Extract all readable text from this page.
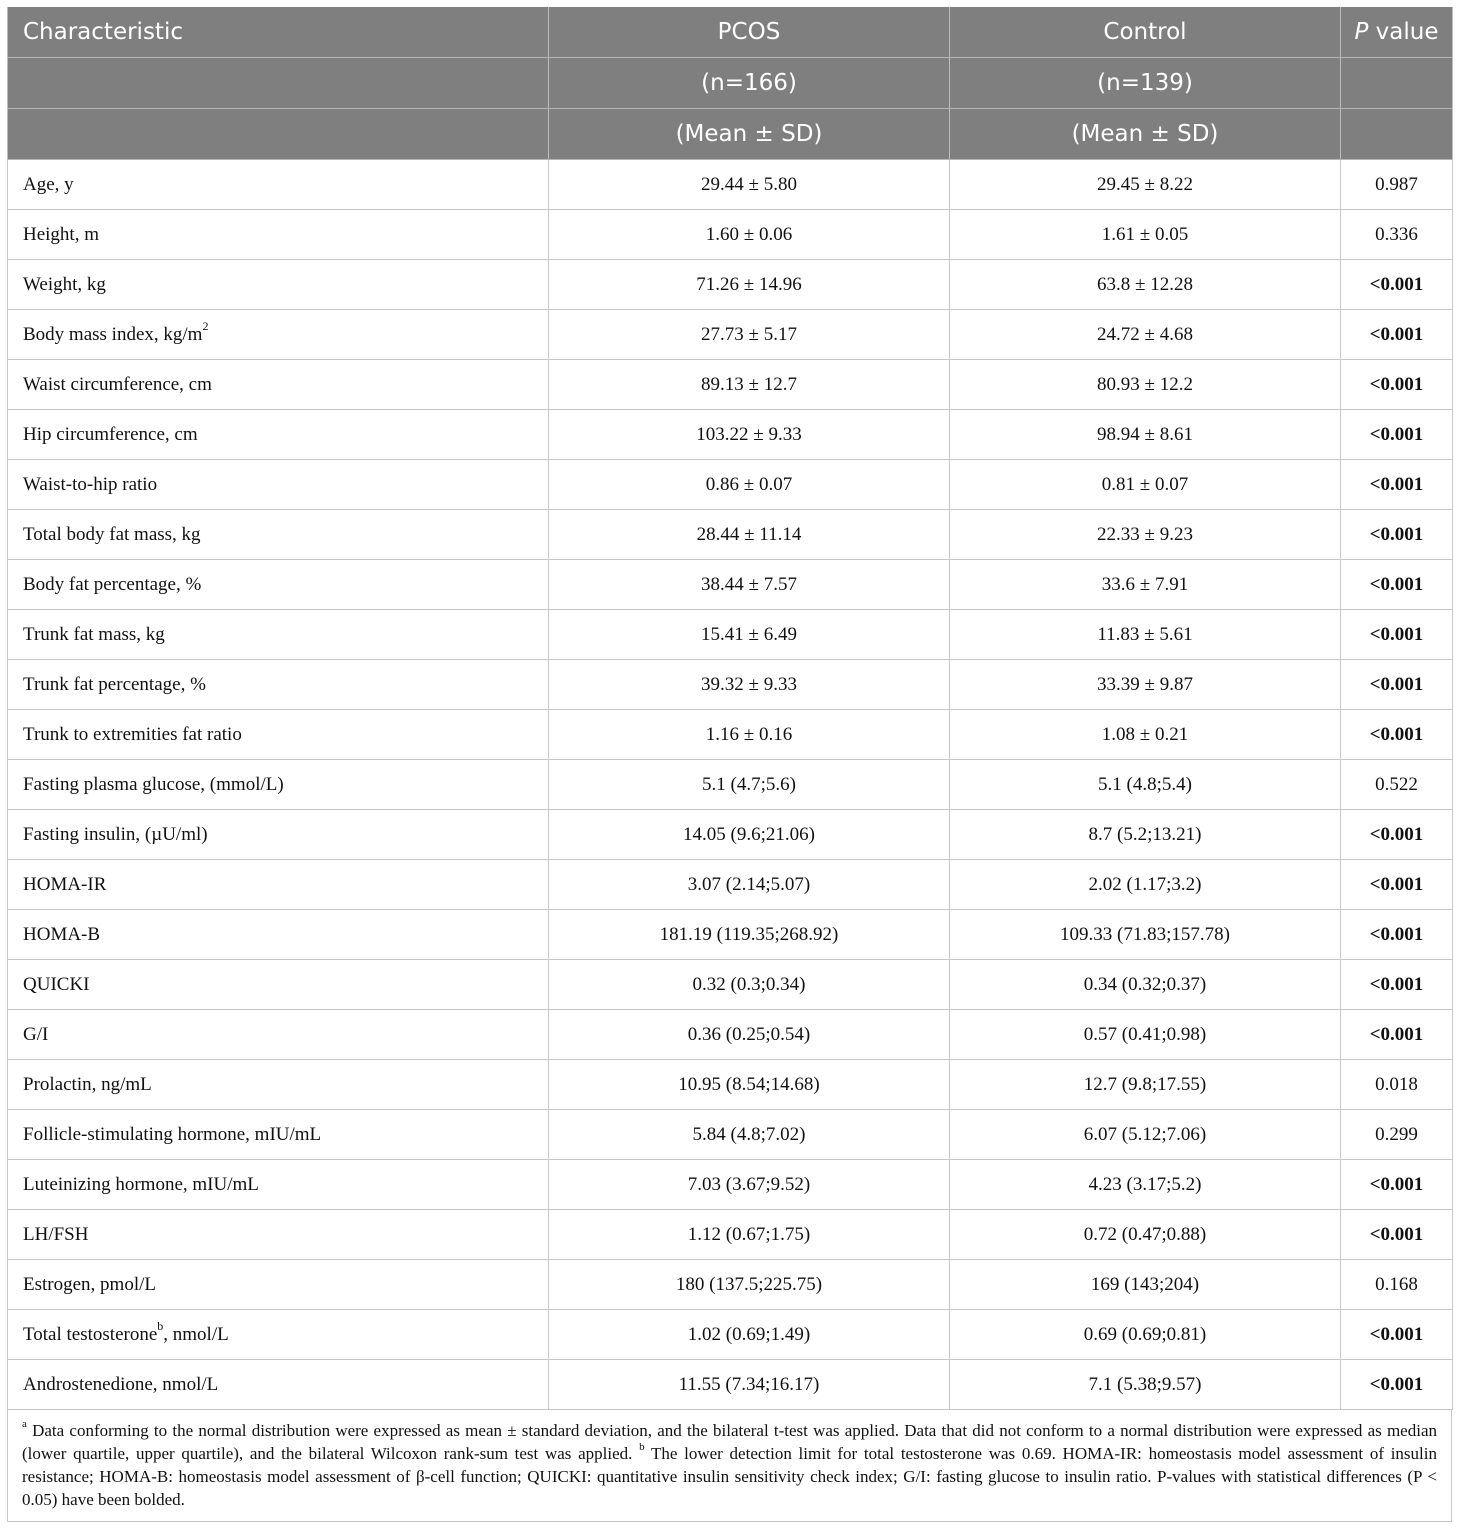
Characteristic	PCOS	Control	P value
	(n=166)	(n=139)	
	(Mean ± SD)	(Mean ± SD)	
Age, y	29.44 ± 5.80	29.45 ± 8.22	0.987
Height, m	1.60 ± 0.06	1.61 ± 0.05	0.336
Weight, kg	71.26 ± 14.96	63.8 ± 12.28	<0.001
Body mass index, $kg/m^2$	27.73 ± 5.17	24.72 ± 4.68	<0.001
Waist circumference, cm	89.13 ± 12.7	80.93 ± 12.2	<0.001
Hip circumference, cm	103.22 ± 9.33	98.94 ± 8.61	<0.001
Waist-to-hip ratio	0.86 ± 0.07	0.81 ± 0.07	<0.001
Total body fat mass, kg	28.44 ± 11.14	22.33 ± 9.23	<0.001
Body fat percentage, %	38.44 ± 7.57	33.6 ± 7.91	<0.001
Trunk fat mass, kg	15.41 ± 6.49	11.83 ± 5.61	<0.001
Trunk fat percentage, %	39.32 ± 9.33	33.39 ± 9.87	<0.001
Trunk to extremities fat ratio	1.16 ± 0.16	1.08 ± 0.21	<0.001
Fasting plasma glucose, (mmol/L)	5.1 (4.7;5.6)	5.1 (4.8;5.4)	0.522
Fasting insulin, (µU/ml)	14.05 (9.6;21.06)	8.7 (5.2;13.21)	<0.001
HOMA-IR	3.07 (2.14;5.07)	2.02 (1.17;3.2)	<0.001
HOMA-B	181.19 (119.35;268.92)	109.33 (71.83;157.78)	<0.001
QUICKI	0.32 (0.3;0.34)	0.34 (0.32;0.37)	<0.001
G/I	0.36 (0.25;0.54)	0.57 (0.41;0.98)	<0.001
Prolactin, ng/mL	10.95 (8.54;14.68)	12.7 (9.8;17.55)	0.018
Follicle-stimulating hormone, mIU/mL	5.84 (4.8;7.02)	6.07 (5.12;7.06)	0.299
Luteinizing hormone, mIU/mL	7.03 (3.67;9.52)	4.23 (3.17;5.2)	<0.001
LH/FSH	1.12 (0.67;1.75)	0.72 (0.47;0.88)	<0.001
Estrogen, pmol/L	180 (137.5;225.75)	169 (143;204)	0.168
Total testosterone$^b$, nmol/L	1.02 (0.69;1.49)	0.69 (0.69;0.81)	<0.001
Androstenedione, nmol/L	11.55 (7.34;16.17)	7.1 (5.38;9.57)	<0.001
$^a$ Data conforming to the normal distribution were expressed as mean ± standard deviation, and the bilateral t-test was applied. Data that did not conform to a normal distribution were expressed as median (lower quartile, upper quartile), and the bilateral Wilcoxon rank-sum test was applied. $^b$ The lower detection limit for total testosterone was 0.69. HOMA-IR: homeostasis model assessment of insulin resistance; HOMA-B: homeostasis model assessment of β-cell function; QUICKI: quantitative insulin sensitivity check index; G/I: fasting glucose to insulin ratio. P-values with statistical differences (P < 0.05) have been bolded.
